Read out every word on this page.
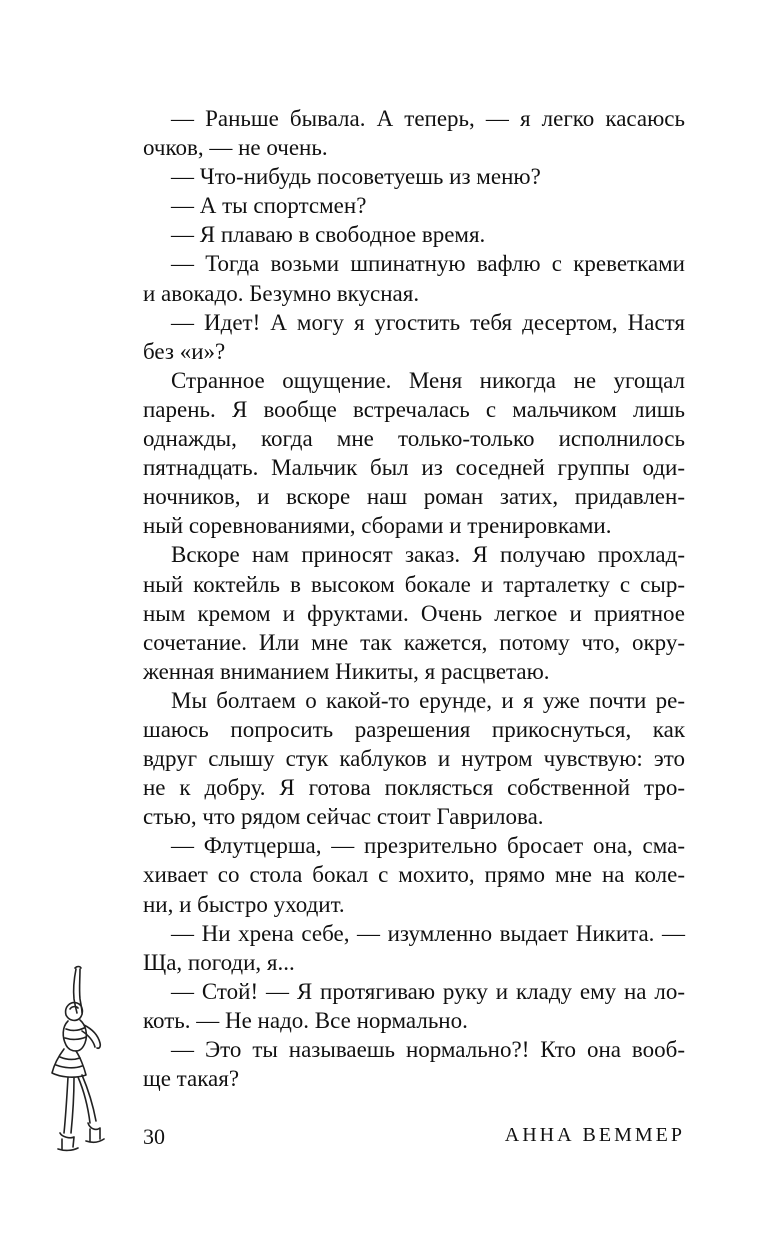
— Раньше бывала. А теперь, — я легко касаюсь
очков, — не очень.
— Что-нибудь посоветуешь из меню?
— А ты спортсмен?
— Я плаваю в свободное время.
— Тогда возьми шпинатную вафлю с креветками
и авокадо. Безумно вкусная.
— Идет! А могу я угостить тебя десертом, Настя
без «и»?
Странное ощущение. Меня никогда не угощал
парень. Я вообще встречалась с мальчиком лишь
однажды, когда мне только-только исполнилось
пятнадцать. Мальчик был из соседней группы оди-
ночников, и вскоре наш роман затих, придавлен-
ный соревнованиями, сборами и тренировками.
Вскоре нам приносят заказ. Я получаю прохлад-
ный коктейль в высоком бокале и тарталетку с сыр-
ным кремом и фруктами. Очень легкое и приятное
сочетание. Или мне так кажется, потому что, окру-
женная вниманием Никиты, я расцветаю.
Мы болтаем о какой-то ерунде, и я уже почти ре-
шаюсь попросить разрешения прикоснуться, как
вдруг слышу стук каблуков и нутром чувствую: это
не к добру. Я готова поклясться собственной тро-
стью, что рядом сейчас стоит Гаврилова.
— Флутцерша, — презрительно бросает она, сма-
хивает со стола бокал с мохито, прямо мне на коле-
ни, и быстро уходит.
— Ни хрена себе, — изумленно выдает Никита. —
Ща, погоди, я...
— Стой! — Я протягиваю руку и кладу ему на ло-
коть. — Не надо. Все нормально.
— Это ты называешь нормально?! Кто она вооб-
ще такая?
30	АННА ВЕММЕР
